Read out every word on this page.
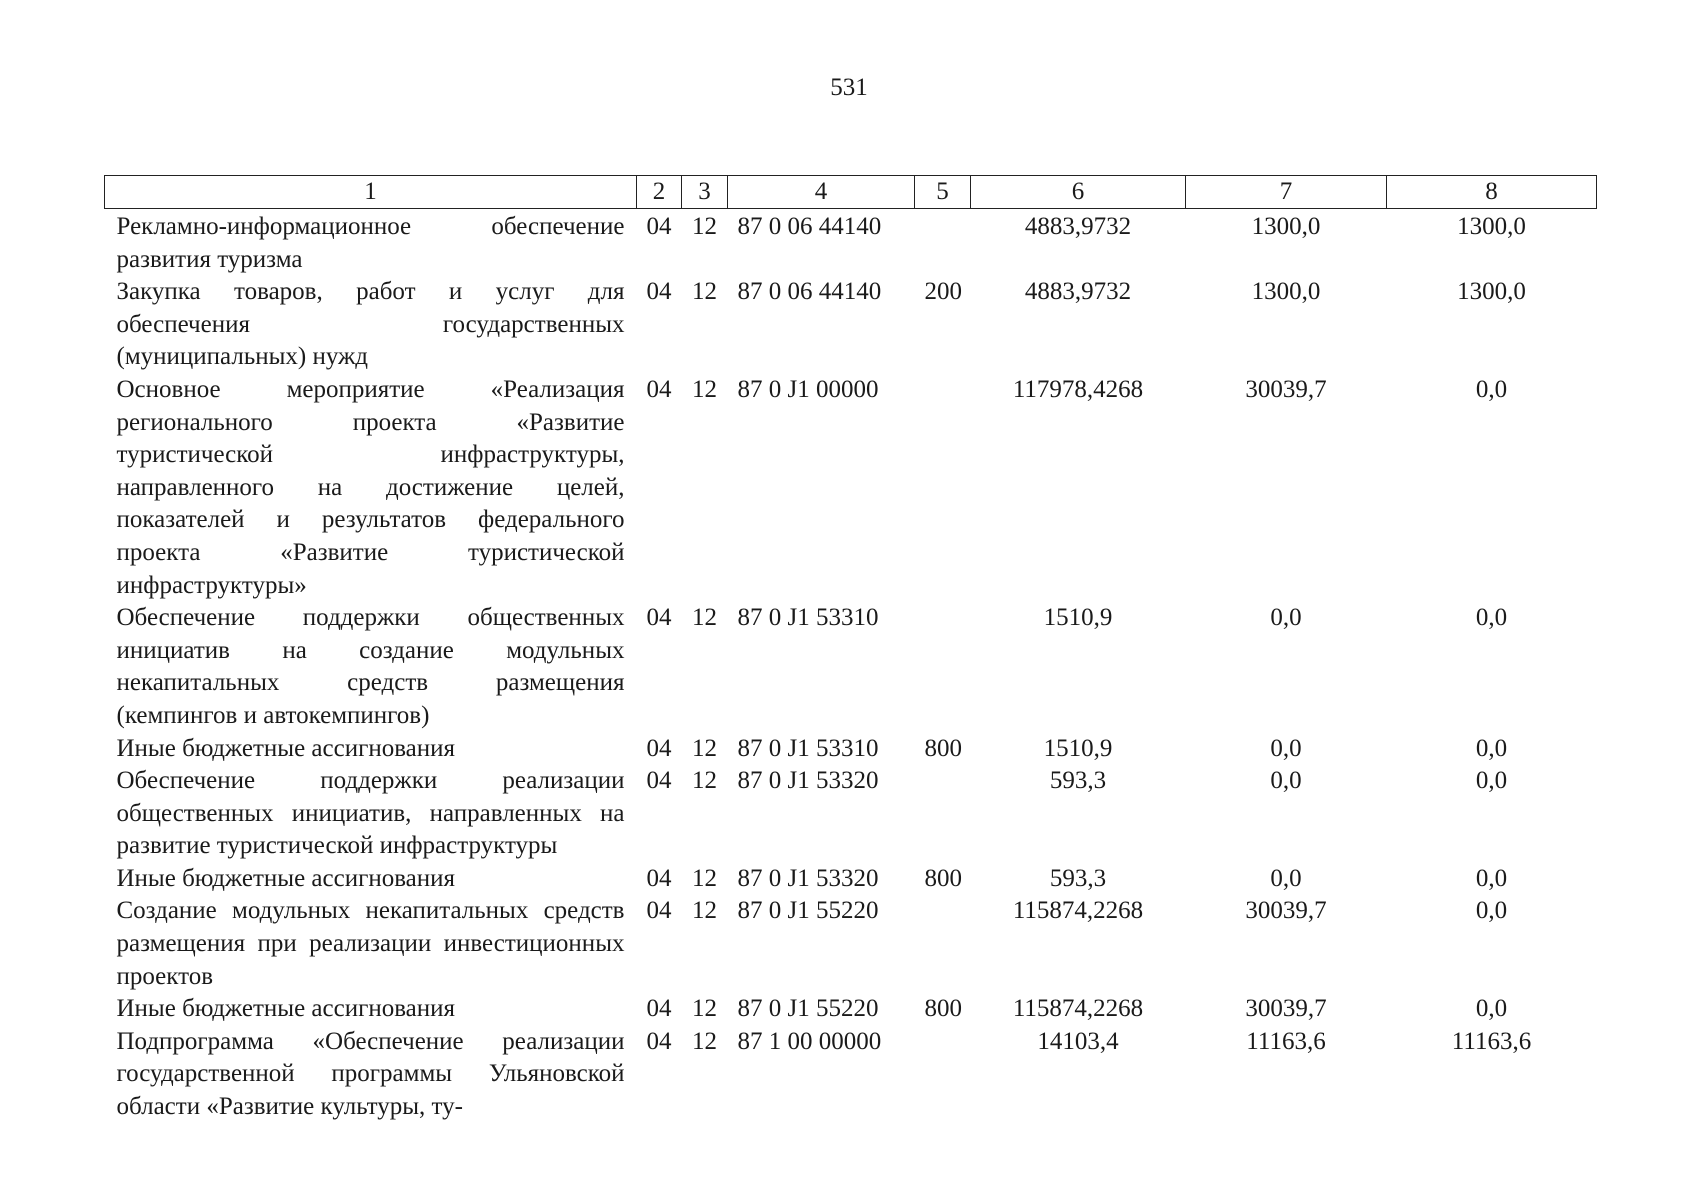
531
1	2	3	4	5	6	7	8
Рекламно-информационное обеспечение развития туризма	04	12	87 0 06 44140		4883,9732	1300,0	1300,0
Закупка товаров, работ и услуг для обеспечения государственных (муниципальных) нужд	04	12	87 0 06 44140	200	4883,9732	1300,0	1300,0
Основное мероприятие «Реализация регионального проекта «Развитие туристической инфраструктуры, направленного на достижение целей, показателей и результатов федерального проекта «Развитие туристической инфраструктуры»	04	12	87 0 J1 00000		117978,4268	30039,7	0,0
Обеспечение поддержки общественных инициатив на создание модульных некапитальных средств размещения (кемпингов и автокемпингов)	04	12	87 0 J1 53310		1510,9	0,0	0,0
Иные бюджетные ассигнования	04	12	87 0 J1 53310	800	1510,9	0,0	0,0
Обеспечение поддержки реализации общественных инициатив, направленных на развитие туристической инфраструктуры	04	12	87 0 J1 53320		593,3	0,0	0,0
Иные бюджетные ассигнования	04	12	87 0 J1 53320	800	593,3	0,0	0,0
Создание модульных некапитальных средств размещения при реализации инвестиционных проектов	04	12	87 0 J1 55220		115874,2268	30039,7	0,0
Иные бюджетные ассигнования	04	12	87 0 J1 55220	800	115874,2268	30039,7	0,0
Подпрограмма «Обеспечение реализации государственной программы Ульяновской области «Развитие культуры, ту-	04	12	87 1 00 00000		14103,4	11163,6	11163,6
